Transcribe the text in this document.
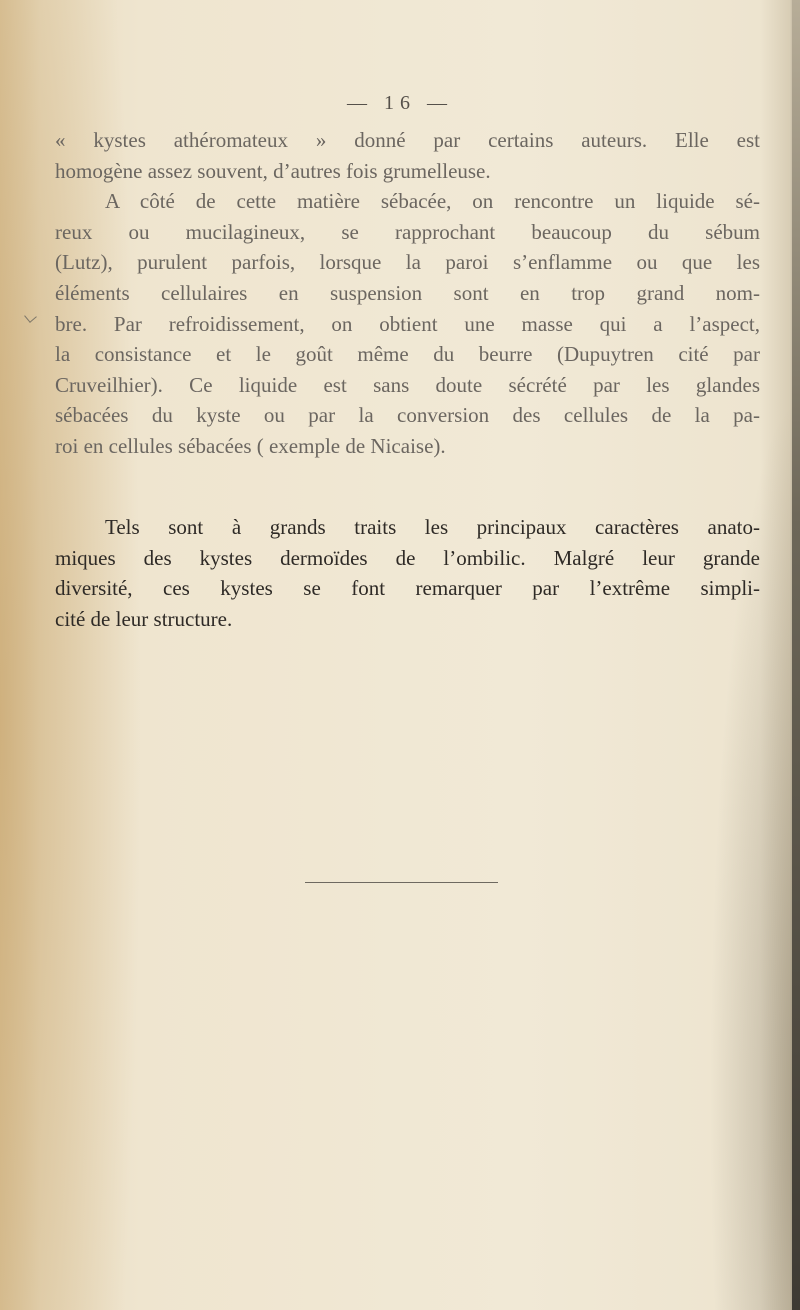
— 16 —
« kystes athéromateux » donné par certains auteurs. Elle est
homogène assez souvent, d’autres fois grumelleuse.
A côté de cette matière sébacée, on rencontre un liquide sé-
reux ou mucilagineux, se rapprochant beaucoup du sébum
(Lutz), purulent parfois, lorsque la paroi s’enflamme ou que les
éléments cellulaires en suspension sont en trop grand nom-
bre. Par refroidissement, on obtient une masse qui a l’aspect,
la consistance et le goût même du beurre (Dupuytren cité par
Cruveilhier). Ce liquide est sans doute sécrété par les glandes
sébacées du kyste ou par la conversion des cellules de la pa-
roi en cellules sébacées ( exemple de Nicaise).
Tels sont à grands traits les principaux caractères anato-
miques des kystes dermoïdes de l’ombilic. Malgré leur grande
diversité, ces kystes se font remarquer par l’extrême simpli-
cité de leur structure.
